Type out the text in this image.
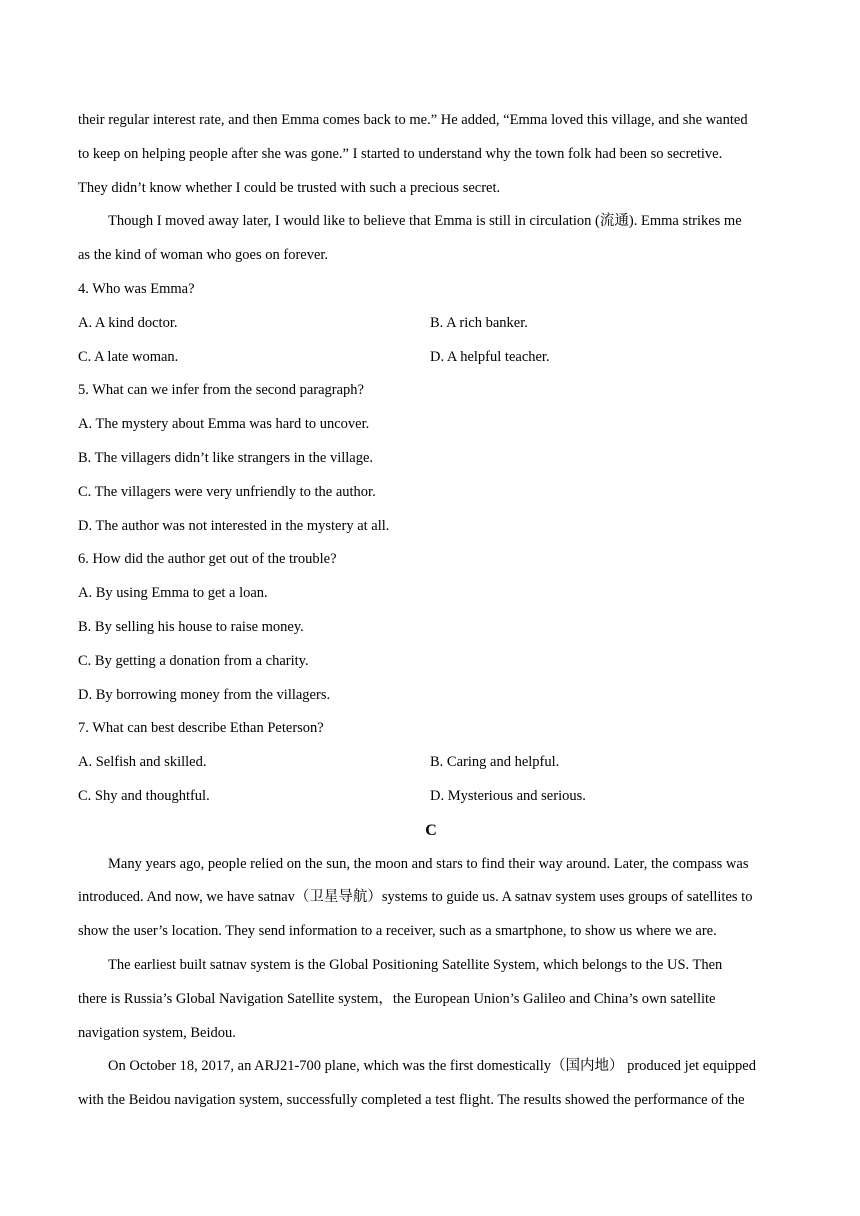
their regular interest rate, and then Emma comes back to me.” He added, “Emma loved this village, and she wanted
to keep on helping people after she was gone.” I started to understand why the town folk had been so secretive.
They didn’t know whether I could be trusted with such a precious secret.
Though I moved away later, I would like to believe that Emma is still in circulation (流通). Emma strikes me
as the kind of woman who goes on forever.
4. Who was Emma?
A. A kind doctor.	B. A rich banker.
C. A late woman.	D. A helpful teacher.
5. What can we infer from the second paragraph?
A. The mystery about Emma was hard to uncover.
B. The villagers didn’t like strangers in the village.
C. The villagers were very unfriendly to the author.
D. The author was not interested in the mystery at all.
6. How did the author get out of the trouble?
A. By using Emma to get a loan.
B. By selling his house to raise money.
C. By getting a donation from a charity.
D. By borrowing money from the villagers.
7. What can best describe Ethan Peterson?
A. Selfish and skilled.	B. Caring and helpful.
C. Shy and thoughtful.	D. Mysterious and serious.
C
Many years ago, people relied on the sun, the moon and stars to find their way around. Later, the compass was
introduced. And now, we have satnav（卫星导航）systems to guide us. A satnav system uses groups of satellites to
show the user’s location. They send information to a receiver, such as a smartphone, to show us where we are.
The earliest built satnav system is the Global Positioning Satellite System, which belongs to the US. Then
there is Russia’s Global Navigation Satellite system，the European Union’s Galileo and China’s own satellite
navigation system, Beidou.
On October 18, 2017, an ARJ21-700 plane, which was the first domestically（国内地） produced jet equipped
with the Beidou navigation system, successfully completed a test flight. The results showed the performance of the
